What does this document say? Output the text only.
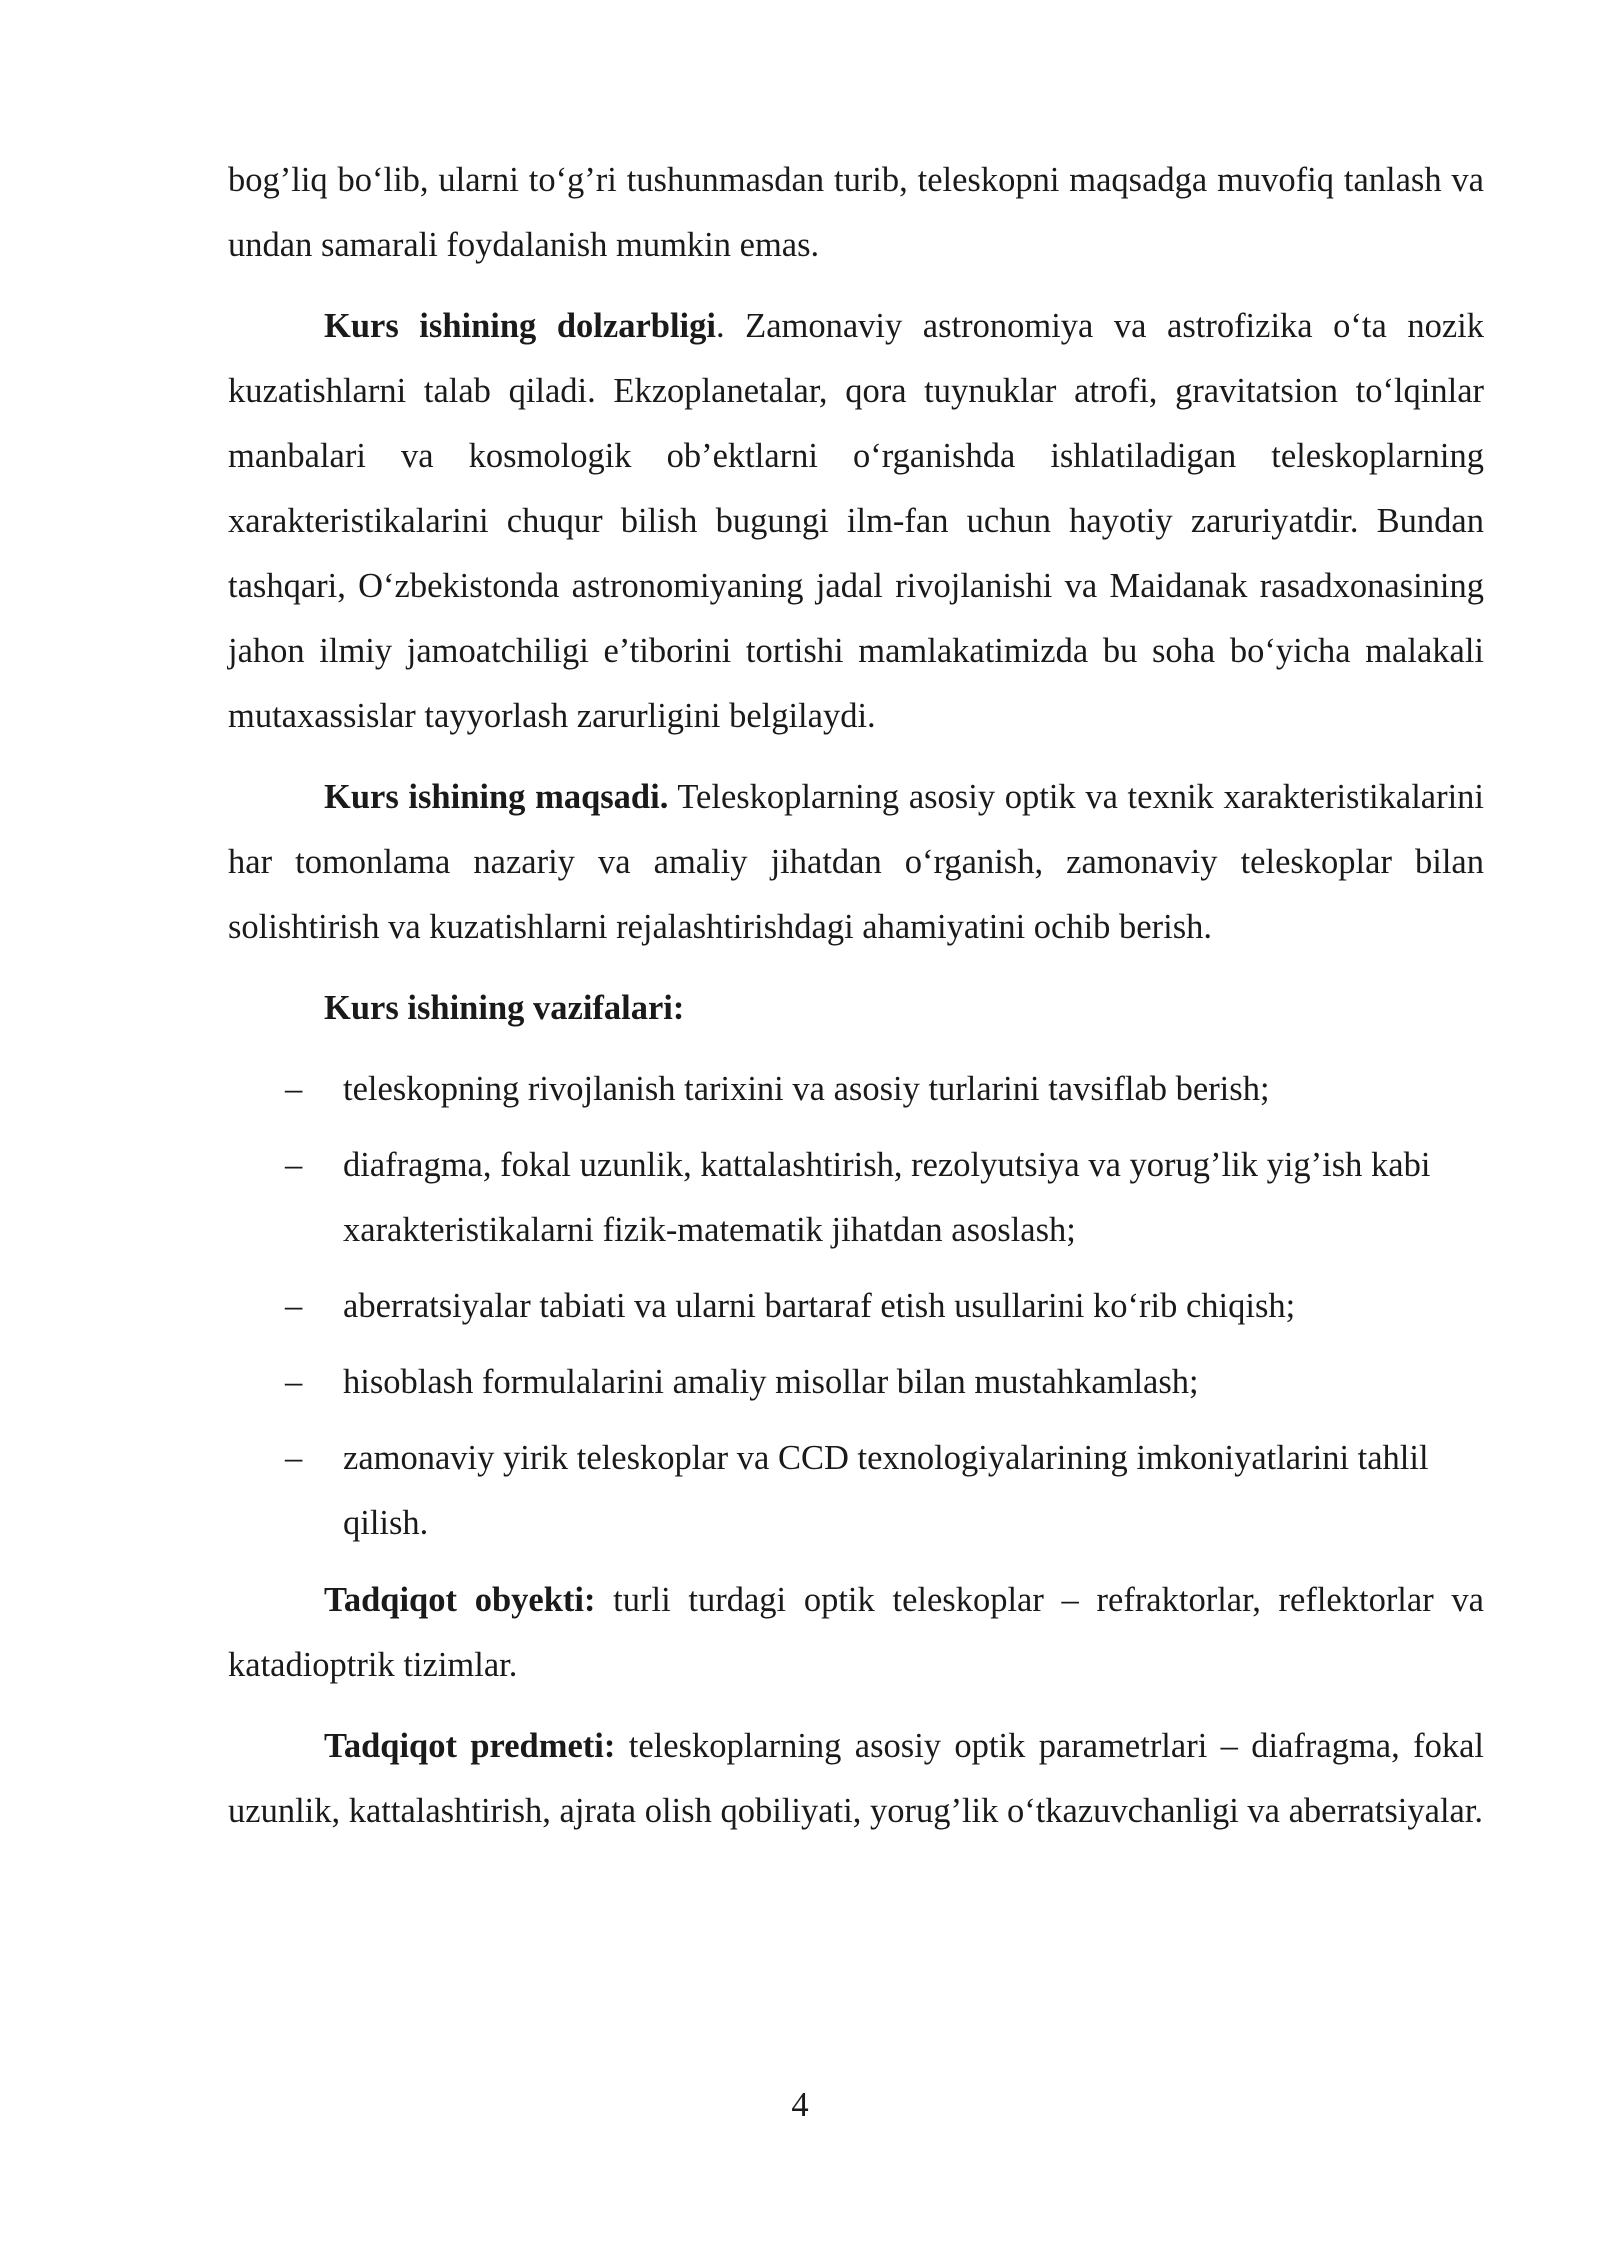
bog’liq bo‘lib, ularni to‘g’ri tushunmasdan turib, teleskopni maqsadga muvofiq tanlash va undan samarali foydalanish mumkin emas.

Kurs ishining dolzarbligi. Zamonaviy astronomiya va astrofizika o‘ta nozik kuzatishlarni talab qiladi. Ekzoplanetalar, qora tuynuklar atrofi, gravitatsion to‘lqinlar manbalari va kosmologik ob’ektlarni o‘rganishda ishlatiladigan teleskoplarning xarakteristikalarini chuqur bilish bugungi ilm-fan uchun hayotiy zaruriyatdir. Bundan tashqari, O‘zbekistonda astronomiyaning jadal rivojlanishi va Maidanak rasadxonasining jahon ilmiy jamoatchiligi e’tiborini tortishi mamlakatimizda bu soha bo‘yicha malakali mutaxassislar tayyorlash zarurligini belgilaydi.

Kurs ishining maqsadi. Teleskoplarning asosiy optik va texnik xarakteristikalarini har tomonlama nazariy va amaliy jihatdan o‘rganish, zamonaviy teleskoplar bilan solishtirish va kuzatishlarni rejalashtirishdagi ahamiyatini ochib berish.

Kurs ishining vazifalari:
– teleskopning rivojlanish tarixini va asosiy turlarini tavsiflab berish;
– diafragma, fokal uzunlik, kattalashtirish, rezolyutsiya va yorug’lik yig’ish kabi xarakteristikalarni fizik-matematik jihatdan asoslash;
– aberratsiyalar tabiati va ularni bartaraf etish usullarini ko‘rib chiqish;
– hisoblash formulalarini amaliy misollar bilan mustahkamlash;
– zamonaviy yirik teleskoplar va CCD texnologiyalarining imkoniyatlarini tahlil qilish.

Tadqiqot obyekti: turli turdagi optik teleskoplar – refraktorlar, reflektorlar va katadioptrik tizimlar.

Tadqiqot predmeti: teleskoplarning asosiy optik parametrlari – diafragma, fokal uzunlik, kattalashtirish, ajrata olish qobiliyati, yorug’lik o‘tkazuvchanligi va aberratsiyalar.

4
